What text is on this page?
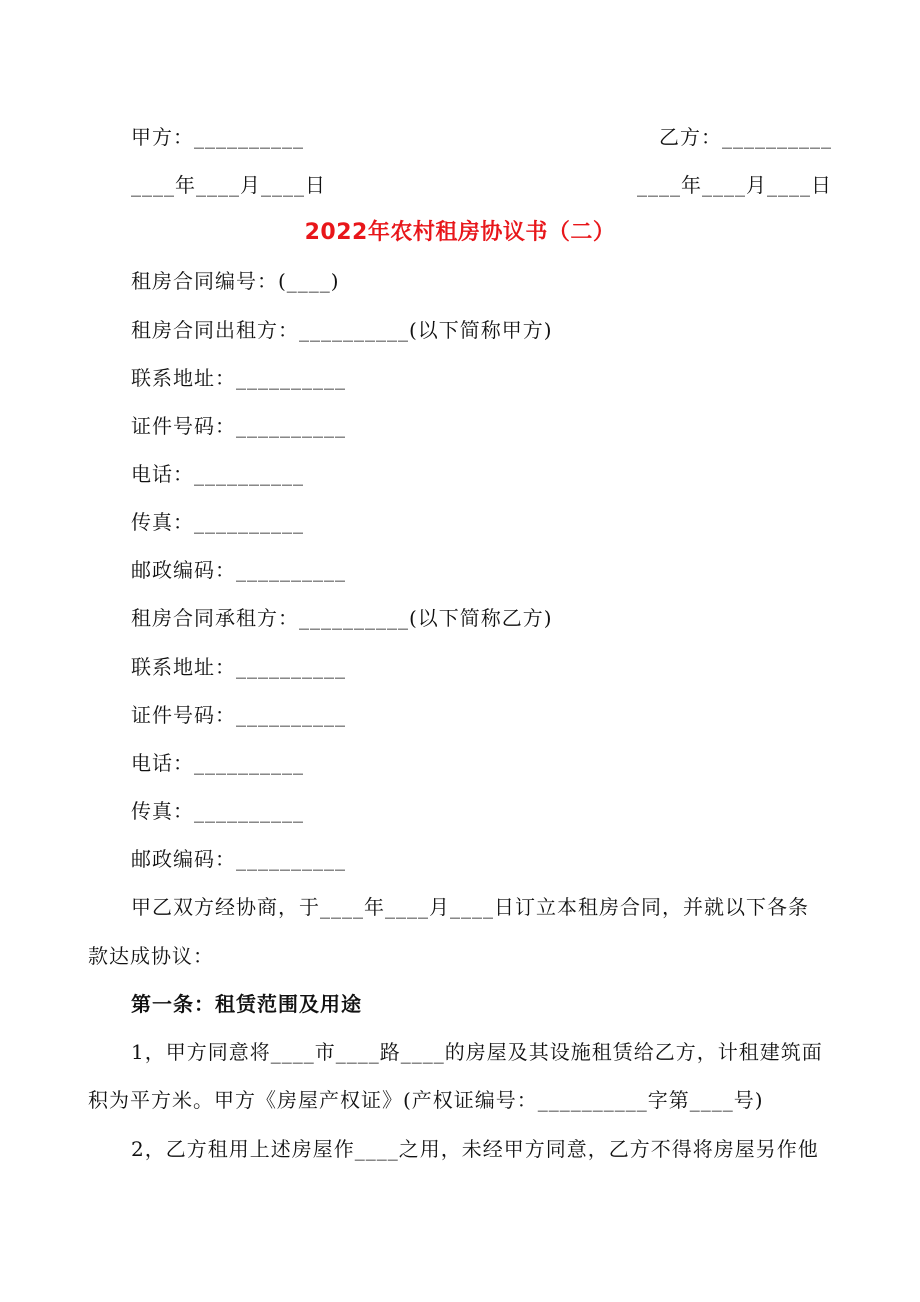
甲方：__________	乙方：__________
____年____月____日	____年____月____日
2022年农村租房协议书（二）
租房合同编号：(____)
租房合同出租方：__________(以下简称甲方)
联系地址：__________
证件号码：__________
电话：__________
传真：__________
邮政编码：__________
租房合同承租方：__________(以下简称乙方)
联系地址：__________
证件号码：__________
电话：__________
传真：__________
邮政编码：__________
甲乙双方经协商，于____年____月____日订立本租房合同，并就以下各条
款达成协议：
第一条：租赁范围及用途
1，甲方同意将____市____路____的房屋及其设施租赁给乙方，计租建筑面
积为平方米。甲方《房屋产权证》(产权证编号：__________字第____号)
2，乙方租用上述房屋作____之用，未经甲方同意，乙方不得将房屋另作他
